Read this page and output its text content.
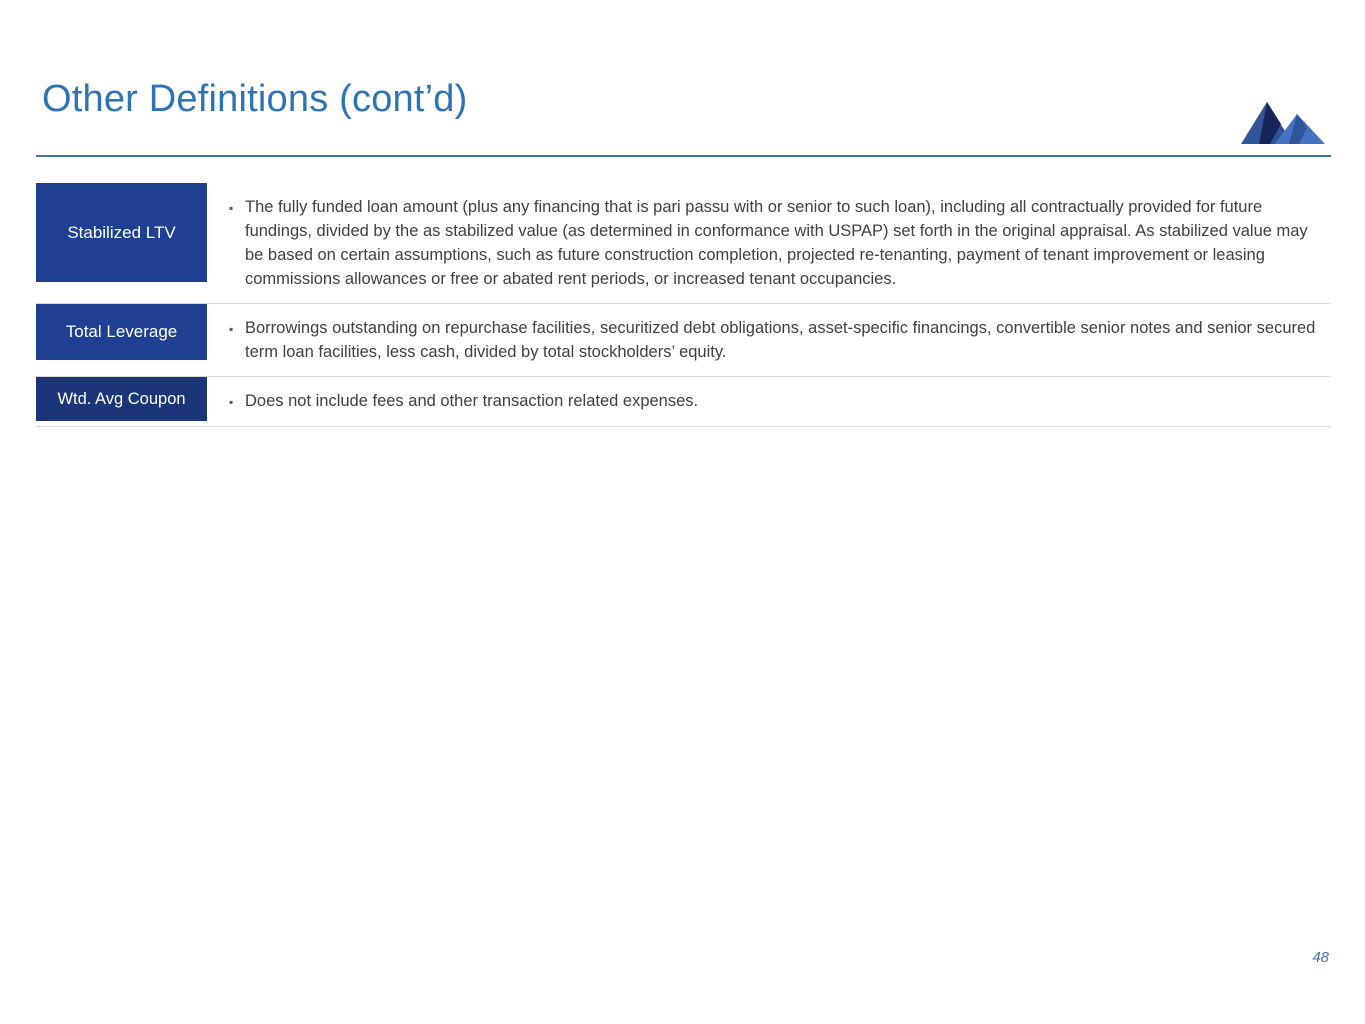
Other Definitions (cont’d)
Stabilized LTV
▪ The fully funded loan amount (plus any financing that is pari passu with or senior to such loan), including all contractually provided for future fundings, divided by the as stabilized value (as determined in conformance with USPAP) set forth in the original appraisal. As stabilized value may be based on certain assumptions, such as future construction completion, projected re-tenanting, payment of tenant improvement or leasing commissions allowances or free or abated rent periods, or increased tenant occupancies.
Total Leverage	▪ Borrowings outstanding on repurchase facilities, securitized debt obligations, asset-specific financings, convertible senior notes and senior secured term loan facilities, less cash, divided by total stockholders’ equity.
Wtd. Avg Coupon	▪ Does not include fees and other transaction related expenses.
48
